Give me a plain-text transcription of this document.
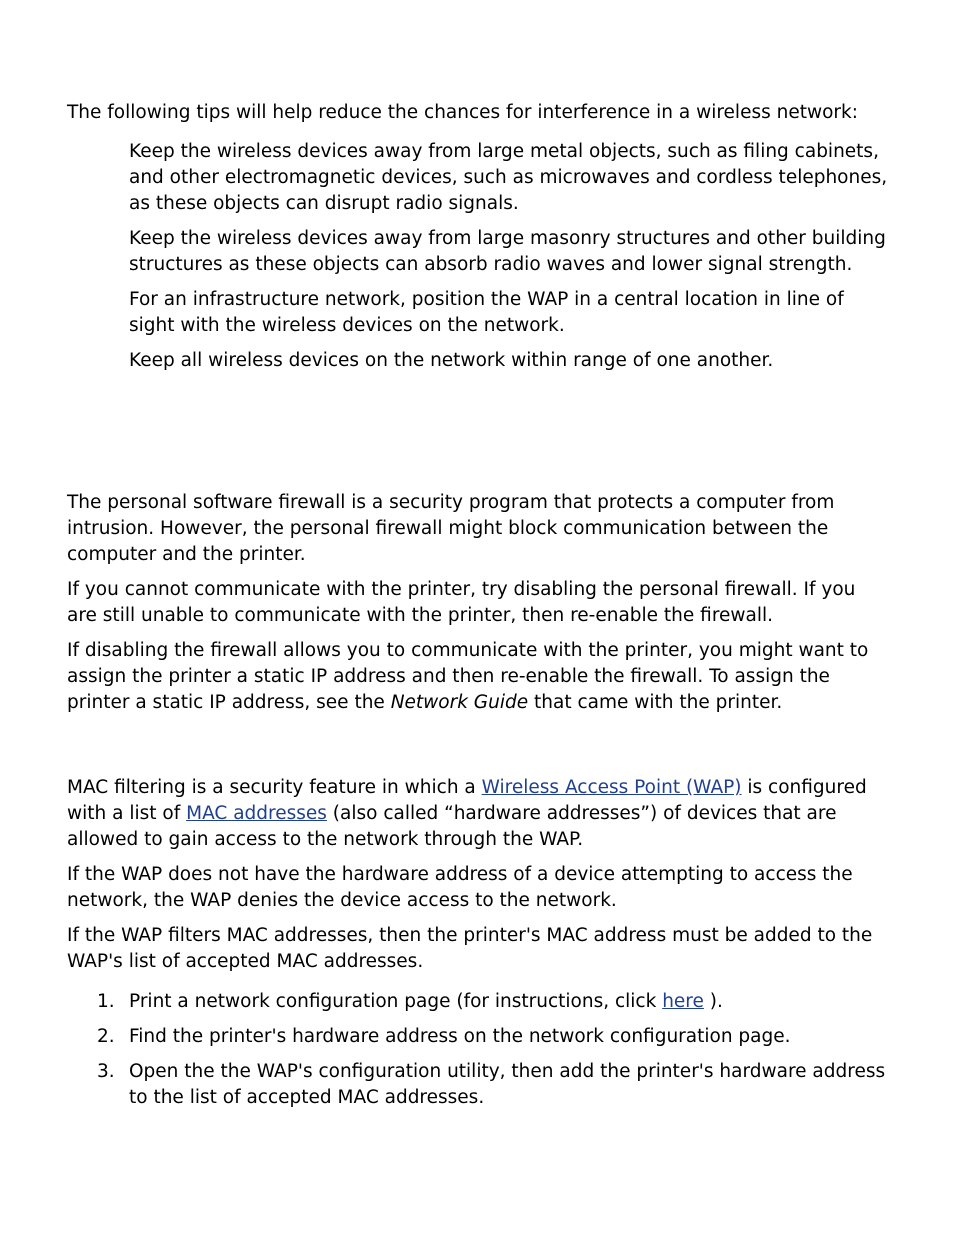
The following tips will help reduce the chances for interference in a wireless network:

Keep the wireless devices away from large metal objects, such as filing cabinets, and other electromagnetic devices, such as microwaves and cordless telephones, as these objects can disrupt radio signals.

Keep the wireless devices away from large masonry structures and other building structures as these objects can absorb radio waves and lower signal strength.

For an infrastructure network, position the WAP in a central location in line of sight with the wireless devices on the network.

Keep all wireless devices on the network within range of one another.

The personal software firewall is a security program that protects a computer from intrusion. However, the personal firewall might block communication between the computer and the printer.

If you cannot communicate with the printer, try disabling the personal firewall. If you are still unable to communicate with the printer, then re-enable the firewall.

If disabling the firewall allows you to communicate with the printer, you might want to assign the printer a static IP address and then re-enable the firewall. To assign the printer a static IP address, see the Network Guide that came with the printer.

MAC filtering is a security feature in which a Wireless Access Point (WAP) is configured with a list of MAC addresses (also called “hardware addresses”) of devices that are allowed to gain access to the network through the WAP.

If the WAP does not have the hardware address of a device attempting to access the network, the WAP denies the device access to the network.

If the WAP filters MAC addresses, then the printer's MAC address must be added to the WAP's list of accepted MAC addresses.

1. Print a network configuration page (for instructions, click here ).
2. Find the printer's hardware address on the network configuration page.
3. Open the the WAP's configuration utility, then add the printer's hardware address to the list of accepted MAC addresses.
